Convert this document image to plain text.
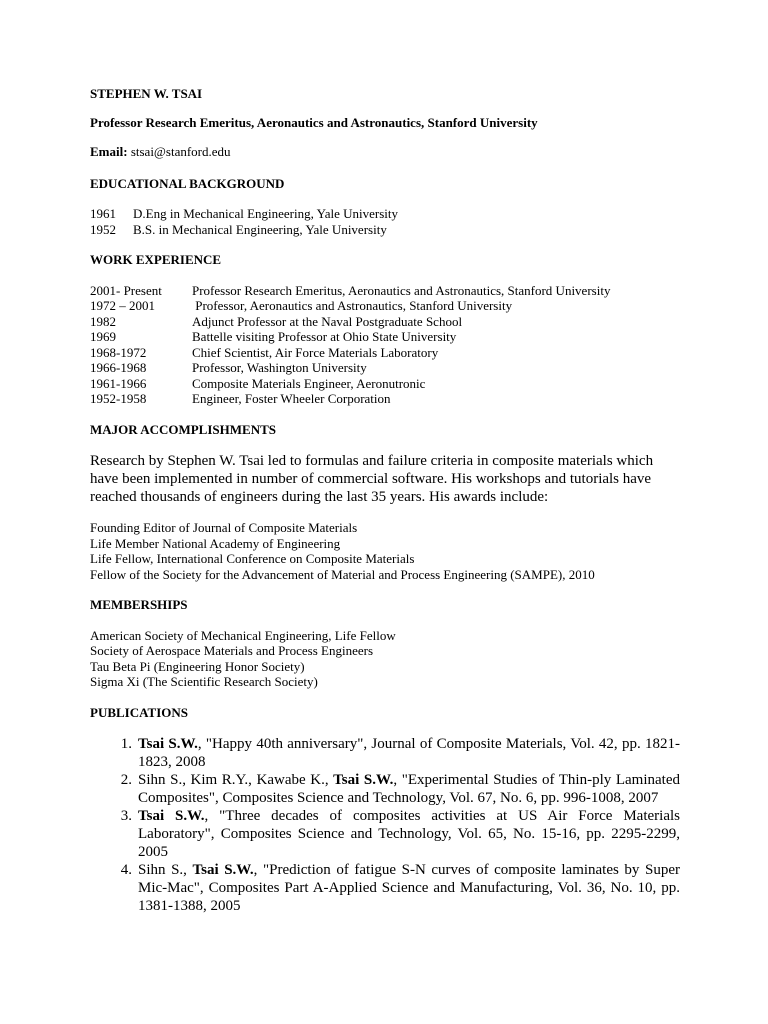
STEPHEN W. TSAI

Professor Research Emeritus, Aeronautics and Astronautics, Stanford University

Email: stsai@stanford.edu

EDUCATIONAL BACKGROUND

1961	D.Eng in Mechanical Engineering, Yale University
1952	B.S. in Mechanical Engineering, Yale University

WORK EXPERIENCE

2001- Present	Professor Research Emeritus, Aeronautics and Astronautics, Stanford University
1972 – 2001	Professor, Aeronautics and Astronautics, Stanford University
1982	Adjunct Professor at the Naval Postgraduate School
1969	Battelle visiting Professor at Ohio State University
1968-1972	Chief Scientist, Air Force Materials Laboratory
1966-1968	Professor, Washington University
1961-1966	Composite Materials Engineer, Aeronutronic
1952-1958	Engineer, Foster Wheeler Corporation

MAJOR ACCOMPLISHMENTS

Research by Stephen W. Tsai led to formulas and failure criteria in composite materials which have been implemented in number of commercial software. His workshops and tutorials have reached thousands of engineers during the last 35 years. His awards include:

Founding Editor of Journal of Composite Materials

Life Member National Academy of Engineering

Life Fellow, International Conference on Composite Materials

Fellow of the Society for the Advancement of Material and Process Engineering (SAMPE), 2010

MEMBERSHIPS

American Society of Mechanical Engineering, Life Fellow

Society of Aerospace Materials and Process Engineers

Tau Beta Pi (Engineering Honor Society)

Sigma Xi (The Scientific Research Society)

PUBLICATIONS

1. Tsai S.W., "Happy 40th anniversary", Journal of Composite Materials, Vol. 42, pp. 1821-1823, 2008
2. Sihn S., Kim R.Y., Kawabe K., Tsai S.W., "Experimental Studies of Thin-ply Laminated Composites", Composites Science and Technology, Vol. 67, No. 6, pp. 996-1008, 2007
3. Tsai S.W., "Three decades of composites activities at US Air Force Materials Laboratory", Composites Science and Technology, Vol. 65, No. 15-16, pp. 2295-2299, 2005
4. Sihn S., Tsai S.W., "Prediction of fatigue S-N curves of composite laminates by Super Mic-Mac", Composites Part A-Applied Science and Manufacturing, Vol. 36, No. 10, pp. 1381-1388, 2005
